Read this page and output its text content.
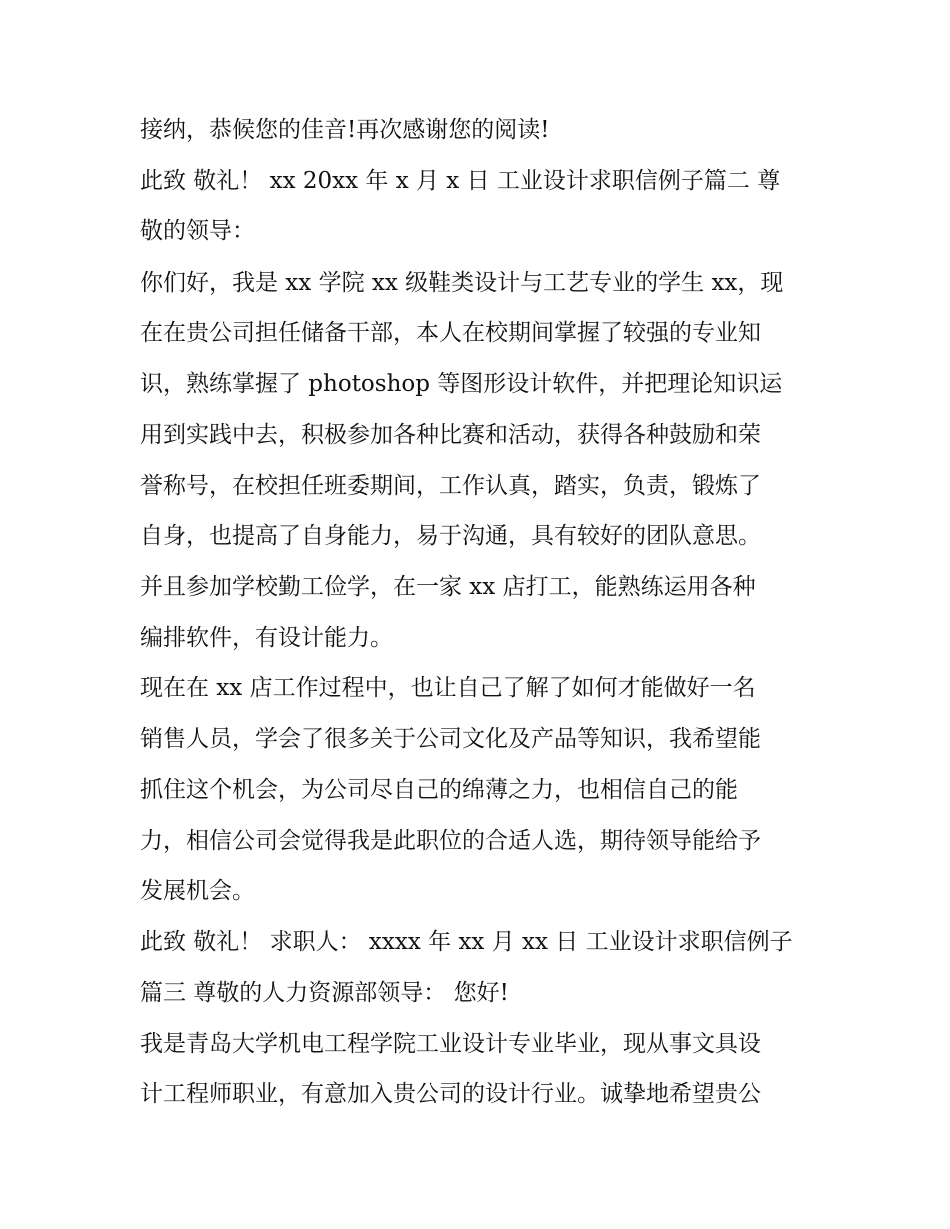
接纳，恭候您的佳音!再次感谢您的阅读!
此致 敬礼！ xx 20xx 年 x 月 x 日 工业设计求职信例子篇二 尊
敬的领导：
你们好，我是 xx 学院 xx 级鞋类设计与工艺专业的学生 xx，现
在在贵公司担任储备干部，本人在校期间掌握了较强的专业知
识，熟练掌握了 photoshop 等图形设计软件，并把理论知识运
用到实践中去，积极参加各种比赛和活动，获得各种鼓励和荣
誉称号，在校担任班委期间，工作认真，踏实，负责，锻炼了
自身，也提高了自身能力，易于沟通，具有较好的团队意思。
并且参加学校勤工俭学，在一家 xx 店打工，能熟练运用各种
编排软件，有设计能力。
现在在 xx 店工作过程中，也让自己了解了如何才能做好一名
销售人员，学会了很多关于公司文化及产品等知识，我希望能
抓住这个机会，为公司尽自己的绵薄之力，也相信自己的能
力，相信公司会觉得我是此职位的合适人选，期待领导能给予
发展机会。
此致 敬礼！ 求职人： xxxx 年 xx 月 xx 日 工业设计求职信例子
篇三 尊敬的人力资源部领导： 您好!
我是青岛大学机电工程学院工业设计专业毕业，现从事文具设
计工程师职业，有意加入贵公司的设计行业。诚挚地希望贵公
